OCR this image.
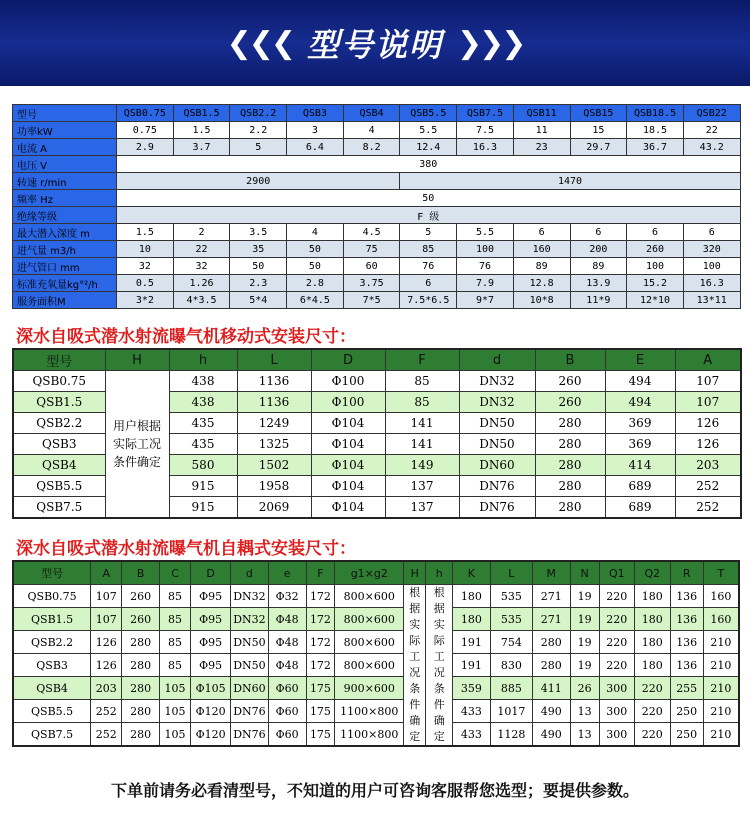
❮❮❮ 型号说明 ❯❯❯
型号	QSB0.75	QSB1.5	QSB2.2	QSB3	QSB4	QSB5.5	QSB7.5	QSB11	QSB15	QSB18.5	QSB22
功率kW	0.75	1.5	2.2	3	4	5.5	7.5	11	15	18.5	22
电流 A	2.9	3.7	5	6.4	8.2	12.4	16.3	23	29.7	36.7	43.2
电压 V	380										
转速 r/min	2900					1470					
频率 Hz	50										
绝缘等级	F 级										
最大潜入深度 m	1.5	2	3.5	4	4.5	5	5.5	6	6	6	6
进气量 m3/h	10	22	35	50	75	85	100	160	200	260	320
进气管口 mm	32	32	50	50	60	76	76	89	89	100	100
标准充氧量kg°²/h	0.5	1.26	2.3	2.8	3.75	6	7.9	12.8	13.9	15.2	16.3
服务面积M	3*2	4*3.5	5*4	6*4.5	7*5	7.5*6.5	9*7	10*8	11*9	12*10	13*11
深水自吸式潜水射流曝气机移动式安装尺寸：
型号	H	h	L	D	F	d	B	E	A
QSB0.75	用户根据实际工况条件确定	438	1136	Φ100	85	DN32	260	494	107
QSB1.5		438	1136	Φ100	85	DN32	260	494	107
QSB2.2		435	1249	Φ104	141	DN50	280	369	126
QSB3		435	1325	Φ104	141	DN50	280	369	126
QSB4		580	1502	Φ104	149	DN60	280	414	203
QSB5.5		915	1958	Φ104	137	DN76	280	689	252
QSB7.5		915	2069	Φ104	137	DN76	280	689	252
深水自吸式潜水射流曝气机自耦式安装尺寸：
型号	A	B	C	D	d	e	F	g1×g2	H	h	K	L	M	N	Q1	Q2	R	T
QSB0.75	107	260	85	Φ95	DN32	Φ32	172	800×600	根据实际工况条件确定	根据实际工况条件确定	180	535	271	19	220	180	136	160
QSB1.5	107	260	85	Φ95	DN32	Φ48	172	800×600			180	535	271	19	220	180	136	160
QSB2.2	126	280	85	Φ95	DN50	Φ48	172	800×600			191	754	280	19	220	180	136	210
QSB3	126	280	85	Φ95	DN50	Φ48	172	800×600			191	830	280	19	220	180	136	210
QSB4	203	280	105	Φ105	DN60	Φ60	175	900×600			359	885	411	26	300	220	255	210
QSB5.5	252	280	105	Φ120	DN76	Φ60	175	1100×800			433	1017	490	13	300	220	250	210
QSB7.5	252	280	105	Φ120	DN76	Φ60	175	1100×800			433	1128	490	13	300	220	250	210
下单前请务必看清型号，不知道的用户可咨询客服帮您选型；要提供参数。
